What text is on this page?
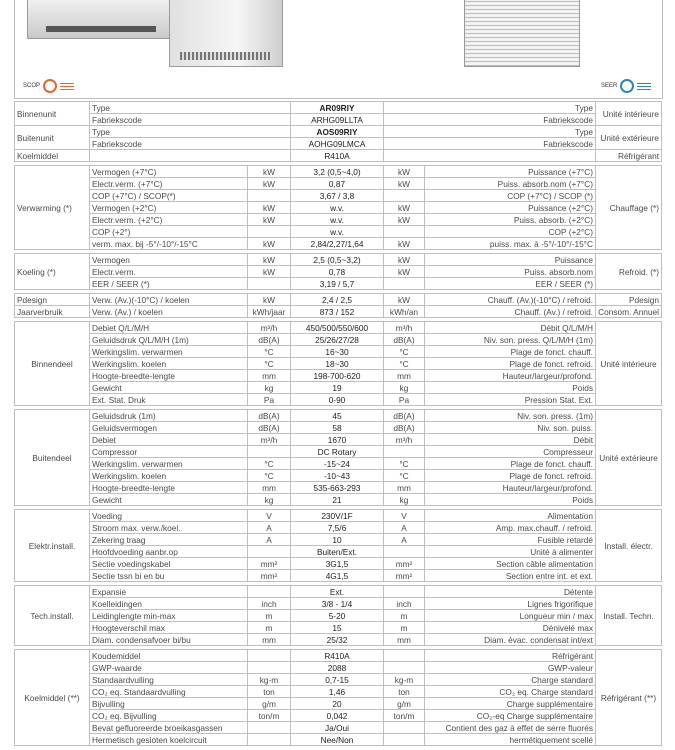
SCOP	SEER
Binnenunit	Type		AR09RIY	Type		Unité intérieure
	Fabriekscode		ARHG09LLTA	Fabriekscode		
Buitenunit	Type		AOS09RIY	Type		Unité extérieure
	Fabriekscode		AOHG09LMCA	Fabriekscode		
Koelmiddel			R410A			Réfrigérant

Verwarming (*)	Vermogen (+7°C)	kW	3,2 (0,5~4,0)	kW	Puissance (+7°C)	Chauffage (*)
	Electr.verm. (+7°C)	kW	0,87	kW	Puiss. absorb.nom (+7°C)	
	COP (+7°C) / SCOP(*)		3,67 / 3,8		COP (+7°C) / SCOP (*)	
	Vermogen (+2°C)	kW	w.v.	kW	Puissance (+2°C)	
	Electr.verm. (+2°C)	kW	w.v.	kW	Puiss. absorb. (+2°C)	
	COP (+2°)		w.v.		COP (+2°C)	
	verm. max. bij -5°/-10°/-15°C	kW	2,84/2,27/1,64	kW	puiss. max. à -5°/-10°/-15°C	

Koeling (*)	Vermogen	kW	2,5 (0,5~3,2)	kW	Puissance	Refroid. (*)
	Electr.verm.	kW	0,78	kW	Puiss. absorb.nom	
	EER / SEER (*)		3,19 / 5,7		EER / SEER (*)	

Pdesign	Verw. (Av.)(-10°C) / koelen	kW	2,4 / 2,5	kW	Chauff. (Av.)(-10°C) / refroid.	Pdesign
Jaarverbruik	Verw. (Av.) / koelen	kWh/jaar	873 / 152	kWh/an	Chauff. (Av.) / refroid.	Consom. Annuel

Binnendeel	Debiet Q/L/M/H	m³/h	450/500/550/600	m³/h	Débit Q/L/M/H	Unité intérieure
	Geluidsdruk Q/L/M/H (1m)	dB(A)	25/26/27/28	dB(A)	Niv. son. press. Q/L/M/H (1m)	
	Werkingslim. verwarmen	°C	16~30	°C	Plage de fonct. chauff.	
	Werkingslim. koelen	°C	18~30	°C	Plage de fonct. refroid.	
	Hoogte-breedte-lengte	mm	198-700-620	mm	Hauteur/largeur/profond.	
	Gewicht	kg	19	kg	Poids	
	Ext. Stat. Druk	Pa	0-90	Pa	Pression Stat. Ext.	

Buitendeel	Geluidsdruk (1m)	dB(A)	45	dB(A)	Niv. son. press. (1m)	Unité extérieure
	Geluidsvermogen	dB(A)	58	dB(A)	Niv. son. puiss.	
	Debiet	m³/h	1670	m³/h	Débit	
	Compressor		DC Rotary		Compresseur	
	Werkingslim. verwarmen	°C	-15~24	°C	Plage de fonct. chauff.	
	Werkingslim. koelen	°C	-10~43	°C	Plage de fonct. refroid.	
	Hoogte-breedte-lengte	mm	535-663-293	mm	Hauteur/largeur/profond.	
	Gewicht	kg	21	kg	Poids	

Elektr.install.	Voeding	V	230V/1F	V	Alimentation	Install. électr.
	Stroom max. verw./koel.	A	7,5/6	A	Amp. max.chauff. / refroid.	
	Zekering traag	A	10	A	Fusible retardé	
	Hoofdvoeding aanbr.op		Buiten/Ext.		Unité à alimenter	
	Sectie voedingskabel	mm²	3G1,5	mm²	Section câble alimentation	
	Sectie tssn bi en bu	mm²	4G1,5	mm²	Section entre int. et ext.	

Tech.install.	Expansie		Ext.		Détente	Install. Techn.
	Koelleidingen	inch	3/8 - 1/4	inch	Lignes frigorifique	
	Leidinglengte min-max	m	5-20	m	Longueur min / max	
	Hoogteverschil max	m	15	m	Dénivelé max	
	Diam. condensafvoer bi/bu	mm	25/32	mm	Diam. évac. condensat int/ext	

Koelmiddel (**)	Koudemiddel		R410A		Réfrigérant	Réfrigérant (**)
	GWP-waarde		2088		GWP-valeur	
	Standaardvulling	kg-m	0,7-15	kg-m	Charge standard	
	CO₂ eq. Standaardvulling	ton	1,46	ton	CO₂ eq. Charge standard	
	Bijvulling	g/m	20	g/m	Charge supplémentaire	
	CO₂ eq. Bijvulling	ton/m	0,042	ton/m	CO₂-eq Charge supplémentaire	
	Bevat gefluoreerde broeikasgassen		Ja/Oui		Contient des gaz à effet de serre fluorés	
	Hermetisch gesloten koelcircuit		Nee/Non		hermétiquement scellé	
